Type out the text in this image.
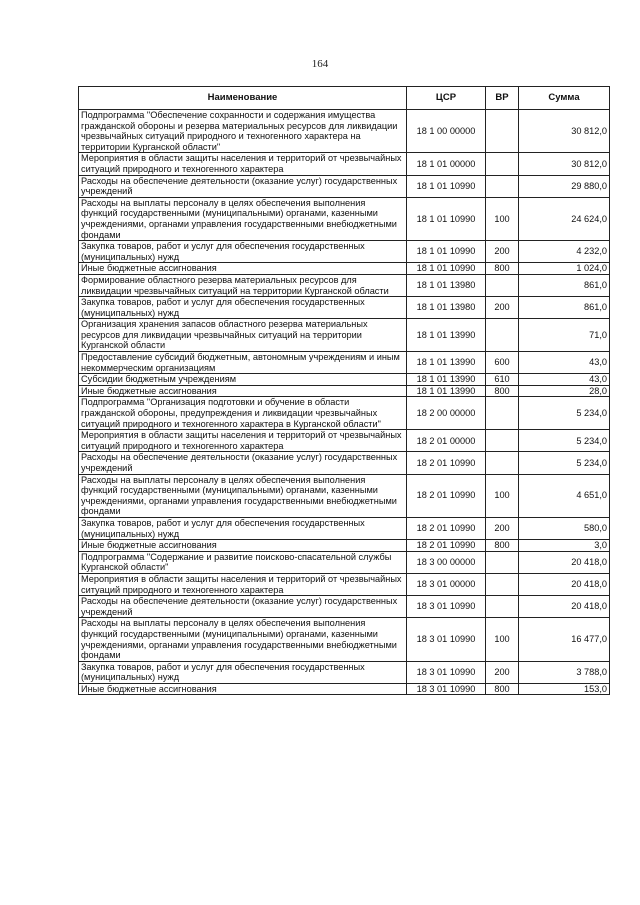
164
Наименование	ЦСР	ВР	Сумма
Подпрограмма "Обеспечение сохранности и содержания имущества гражданской обороны и резерва материальных ресурсов для ликвидации чрезвычайных ситуаций природного и техногенного характера на территории Курганской области"	18 1 00 00000		30 812,0
Мероприятия в области защиты населения и территорий от чрезвычайных ситуаций природного и техногенного характера	18 1 01 00000		30 812,0
Расходы на обеспечение деятельности (оказание услуг) государственных учреждений	18 1 01 10990		29 880,0
Расходы на выплаты персоналу в целях обеспечения выполнения функций государственными (муниципальными) органами, казенными учреждениями, органами управления государственными внебюджетными фондами	18 1 01 10990	100	24 624,0
Закупка товаров, работ и услуг для обеспечения государственных (муниципальных) нужд	18 1 01 10990	200	4 232,0
Иные бюджетные ассигнования	18 1 01 10990	800	1 024,0
Формирование областного резерва материальных ресурсов для ликвидации чрезвычайных ситуаций на территории Курганской области	18 1 01 13980		861,0
Закупка товаров, работ и услуг для обеспечения государственных (муниципальных) нужд	18 1 01 13980	200	861,0
Организация хранения запасов областного резерва материальных ресурсов для ликвидации чрезвычайных ситуаций на территории Курганской области	18 1 01 13990		71,0
Предоставление субсидий бюджетным, автономным учреждениям и иным некоммерческим организациям	18 1 01 13990	600	43,0
Субсидии бюджетным учреждениям	18 1 01 13990	610	43,0
Иные бюджетные ассигнования	18 1 01 13990	800	28,0
Подпрограмма "Организация подготовки и обучение в области гражданской обороны, предупреждения и ликвидации чрезвычайных ситуаций природного и техногенного характера в Курганской области"	18 2 00 00000		5 234,0
Мероприятия в области защиты населения и территорий от чрезвычайных ситуаций природного и техногенного характера	18 2 01 00000		5 234,0
Расходы на обеспечение деятельности (оказание услуг) государственных учреждений	18 2 01 10990		5 234,0
Расходы на выплаты персоналу в целях обеспечения выполнения функций государственными (муниципальными) органами, казенными учреждениями, органами управления государственными внебюджетными фондами	18 2 01 10990	100	4 651,0
Закупка товаров, работ и услуг для обеспечения государственных (муниципальных) нужд	18 2 01 10990	200	580,0
Иные бюджетные ассигнования	18 2 01 10990	800	3,0
Подпрограмма "Содержание и развитие поисково-спасательной службы Курганской области"	18 3 00 00000		20 418,0
Мероприятия в области защиты населения и территорий от чрезвычайных ситуаций природного и техногенного характера	18 3 01 00000		20 418,0
Расходы на обеспечение деятельности (оказание услуг) государственных учреждений	18 3 01 10990		20 418,0
Расходы на выплаты персоналу в целях обеспечения выполнения функций государственными (муниципальными) органами, казенными учреждениями, органами управления государственными внебюджетными фондами	18 3 01 10990	100	16 477,0
Закупка товаров, работ и услуг для обеспечения государственных (муниципальных) нужд	18 3 01 10990	200	3 788,0
Иные бюджетные ассигнования	18 3 01 10990	800	153,0
